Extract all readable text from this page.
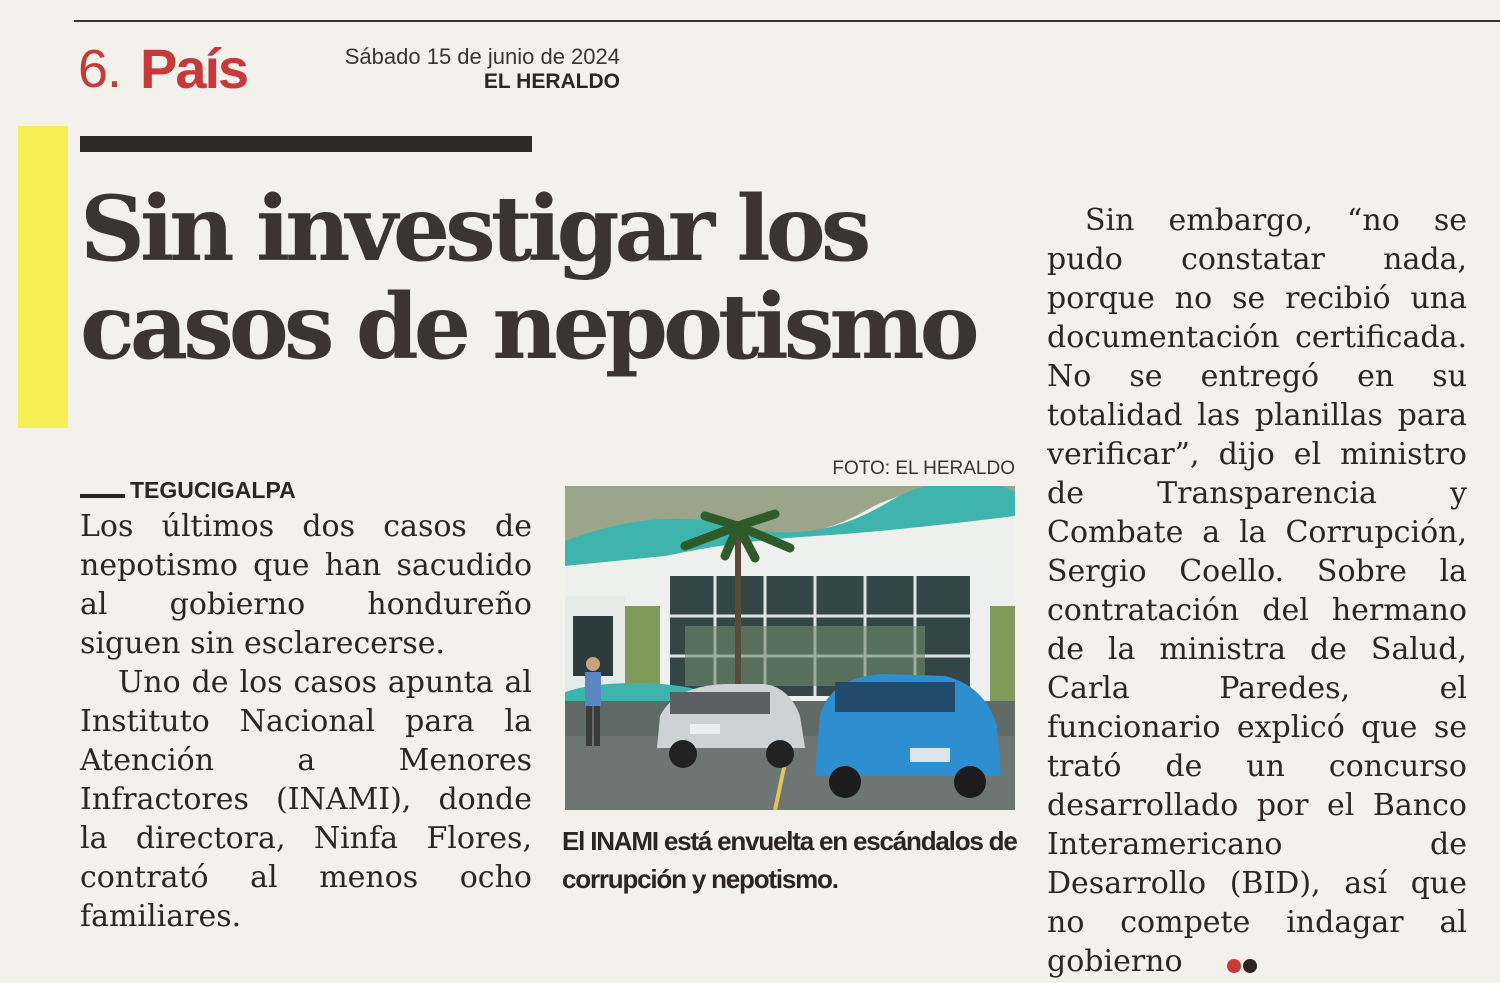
6. País	Sábado 15 de junio de 2024
EL HERALDO
Sin investigar los casos de nepotismo
TEGUCIGALPA

Los últimos dos casos de nepotismo que han sacudido al gobierno hondureño siguen sin esclarecerse.

Uno de los casos apunta al Instituto Nacional para la Atención a Menores Infractores (INAMI), donde la directora, Ninfa Flores, contrató al menos ocho familiares.

FOTO: EL HERALDO

El INAMI está envuelta en escándalos de corrupción y nepotismo.

Sin embargo, “no se pudo constatar nada, porque no se recibió una documentación certificada. No se entregó en su totalidad las planillas para verificar”, dijo el ministro de Transparencia y Combate a la Corrupción, Sergio Coello. Sobre la contratación del hermano de la ministra de Salud, Carla Paredes, el funcionario explicó que se trató de un concurso desarrollado por el Banco Interamericano de Desarrollo (BID), así que no compete indagar al gobierno
